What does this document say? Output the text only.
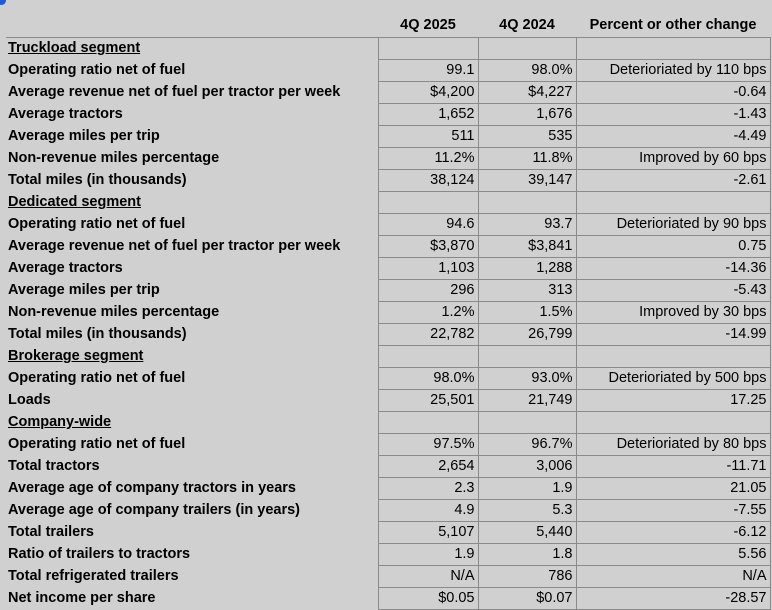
	4Q 2025	4Q 2024	Percent or other change
Truckload segment			
Operating ratio net of fuel	99.1	98.0%	Deterioriated by 110 bps
Average revenue net of fuel per tractor per week	$4,200	$4,227	-0.64
Average tractors	1,652	1,676	-1.43
Average miles per trip	511	535	-4.49
Non-revenue miles percentage	11.2%	11.8%	Improved by 60 bps
Total miles (in thousands)	38,124	39,147	-2.61
Dedicated segment			
Operating ratio net of fuel	94.6	93.7	Deterioriated by 90 bps
Average revenue net of fuel per tractor per week	$3,870	$3,841	0.75
Average tractors	1,103	1,288	-14.36
Average miles per trip	296	313	-5.43
Non-revenue miles percentage	1.2%	1.5%	Improved by 30 bps
Total miles (in thousands)	22,782	26,799	-14.99
Brokerage segment			
Operating ratio net of fuel	98.0%	93.0%	Deterioriated by 500 bps
Loads	25,501	21,749	17.25
Company-wide			
Operating ratio net of fuel	97.5%	96.7%	Deterioriated by 80 bps
Total tractors	2,654	3,006	-11.71
Average age of company tractors in years	2.3	1.9	21.05
Average age of company trailers (in years)	4.9	5.3	-7.55
Total trailers	5,107	5,440	-6.12
Ratio of trailers to tractors	1.9	1.8	5.56
Total refrigerated trailers	N/A	786	N/A
Net income per share	$0.05	$0.07	-28.57
